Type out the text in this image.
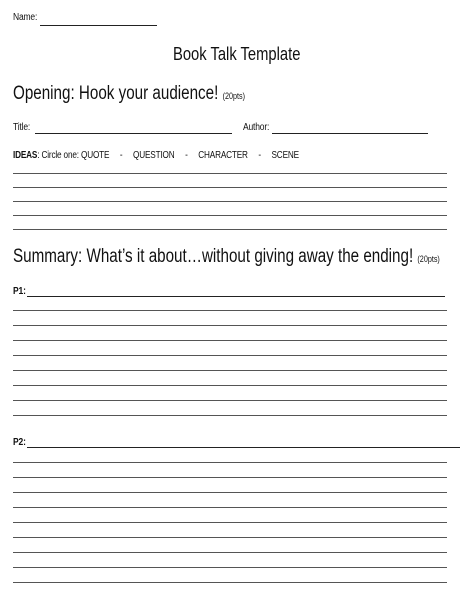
Name:
Book Talk Template
Opening: Hook your audience! (20pts)
Title:	Author:
IDEAS: Circle one: QUOTE     -     QUESTION     -     CHARACTER     -     SCENE
Summary: What’s it about…without giving away the ending! (20pts)
P1:
P2:
